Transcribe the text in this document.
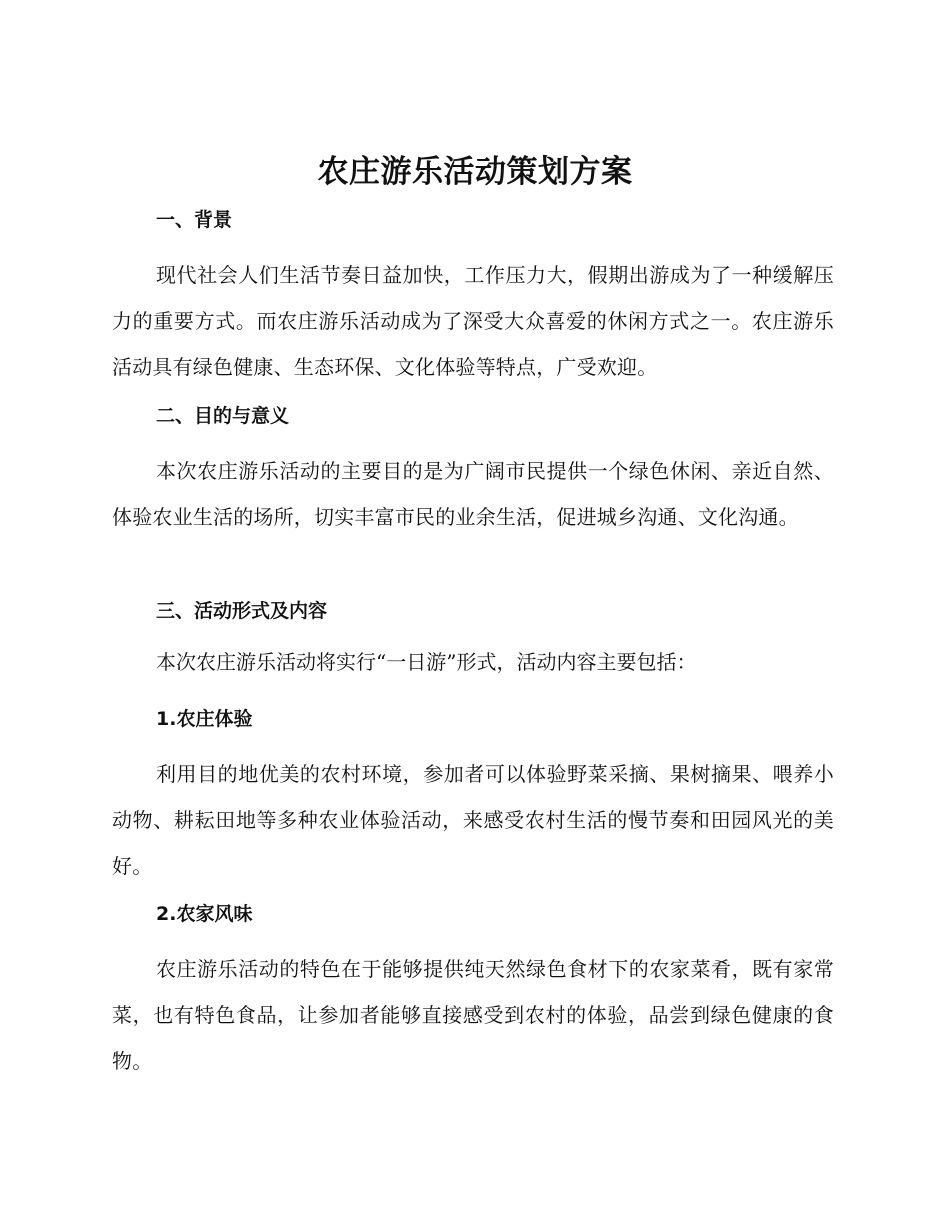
农庄游乐活动策划方案
一、背景
现代社会人们生活节奏日益加快，工作压力大，假期出游成为了一种缓解压力的重要方式。而农庄游乐活动成为了深受大众喜爱的休闲方式之一。农庄游乐活动具有绿色健康、生态环保、文化体验等特点，广受欢迎。
二、目的与意义
本次农庄游乐活动的主要目的是为广阔市民提供一个绿色休闲、亲近自然、体验农业生活的场所，切实丰富市民的业余生活，促进城乡沟通、文化沟通。
三、活动形式及内容
本次农庄游乐活动将实行“一日游”形式，活动内容主要包括：
1.农庄体验
利用目的地优美的农村环境，参加者可以体验野菜采摘、果树摘果、喂养小动物、耕耘田地等多种农业体验活动，来感受农村生活的慢节奏和田园风光的美好。
2.农家风味
农庄游乐活动的特色在于能够提供纯天然绿色食材下的农家菜肴，既有家常菜，也有特色食品，让参加者能够直接感受到农村的体验，品尝到绿色健康的食物。
